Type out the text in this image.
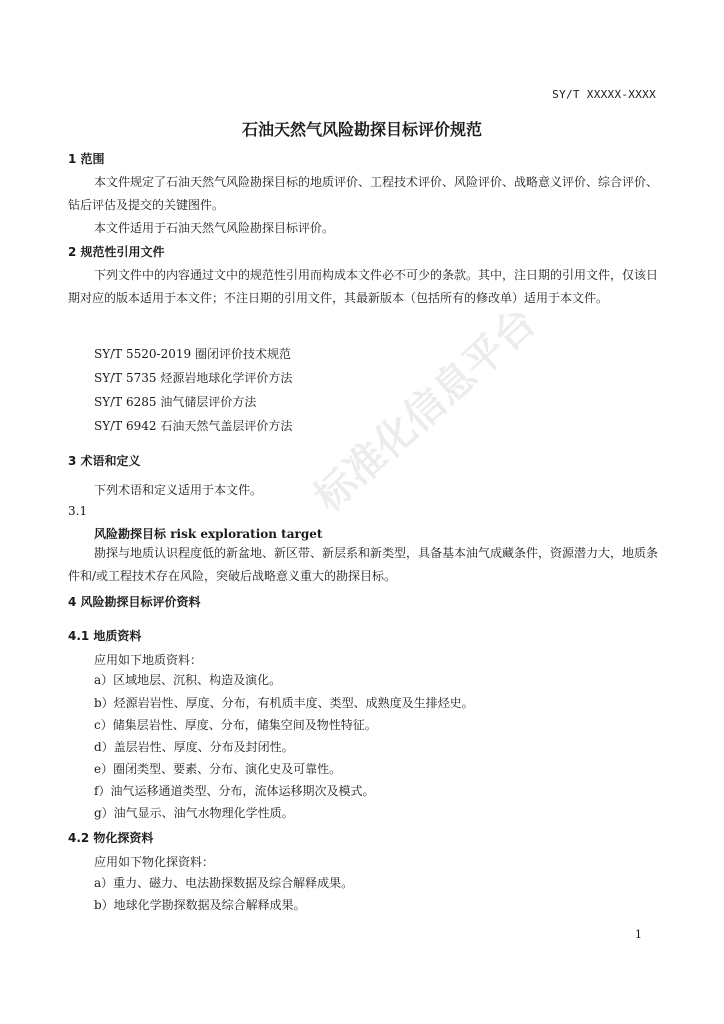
SY/T XXXXX-XXXX
石油天然气风险勘探目标评价规范
1 范围

本文件规定了石油天然气风险勘探目标的地质评价、工程技术评价、风险评价、战略意义评价、综合评价、钻后评估及提交的关键图件。

本文件适用于石油天然气风险勘探目标评价。
2 规范性引用文件

下列文件中的内容通过文中的规范性引用而构成本文件必不可少的条款。其中，注日期的引用文件，仅该日期对应的版本适用于本文件；不注日期的引用文件，其最新版本（包括所有的修改单）适用于本文件。

SY/T 5520-2019 圈闭评价技术规范
SY/T 5735 烃源岩地球化学评价方法
SY/T 6285 油气储层评价方法
SY/T 6942 石油天然气盖层评价方法
3 术语和定义
下列术语和定义适用于本文件。
3.1
风险勘探目标 risk exploration target

勘探与地质认识程度低的新盆地、新区带、新层系和新类型，具备基本油气成藏条件，资源潜力大，地质条件和/或工程技术存在风险，突破后战略意义重大的勘探目标。

4 风险勘探目标评价资料
4.1 地质资料
应用如下地质资料：
a）区域地层、沉积、构造及演化。
b）烃源岩岩性、厚度、分布，有机质丰度、类型、成熟度及生排烃史。
c）储集层岩性、厚度、分布，储集空间及物性特征。
d）盖层岩性、厚度、分布及封闭性。
e）圈闭类型、要素、分布、演化史及可靠性。
f）油气运移通道类型、分布，流体运移期次及模式。
g）油气显示、油气水物理化学性质。
4.2 物化探资料
应用如下物化探资料：
a）重力、磁力、电法勘探数据及综合解释成果。
b）地球化学勘探数据及综合解释成果。
1
标准化信息平台
